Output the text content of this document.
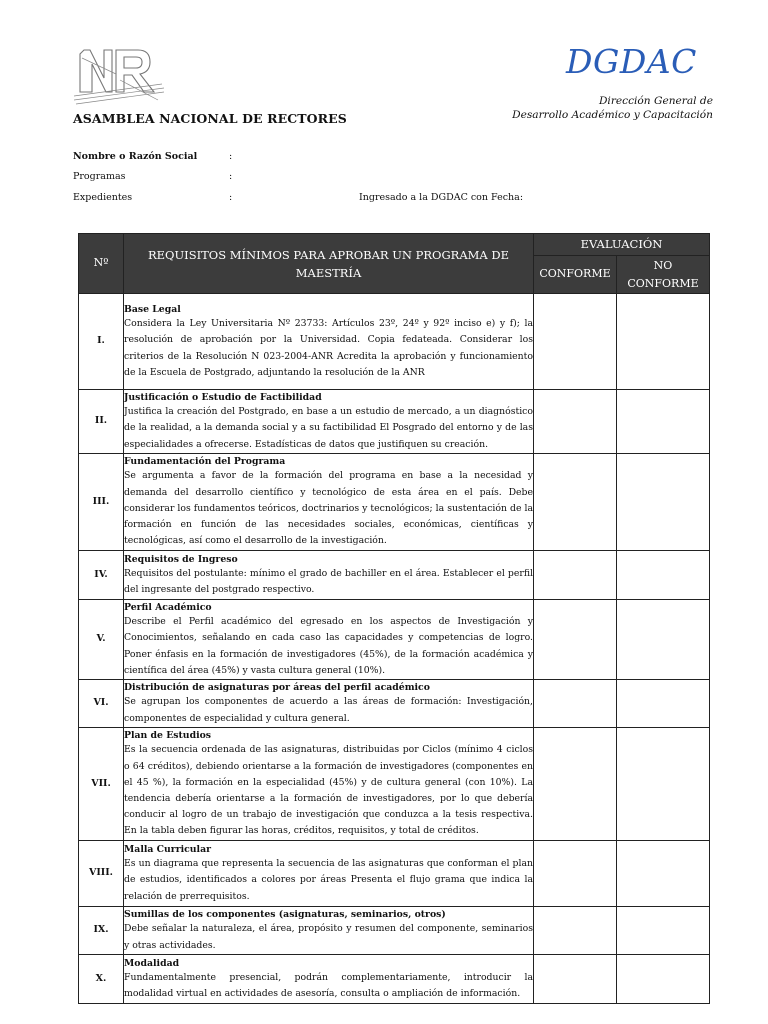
ASAMBLEA NACIONAL DE RECTORES
DGDAC
Dirección General de
Desarrollo Académico y Capacitación
Nombre o Razón Social	:
Programas	:
Expedientes	:	Ingresado a la DGDAC con Fecha:
Nº	REQUISITOS MÍNIMOS PARA APROBAR UN PROGRAMA DE MAESTRÍA	EVALUACIÓN	
		CONFORME	NO CONFORME
I.	Base Legal
Considera la Ley Universitaria Nº 23733: Artículos 23º, 24º y 92º inciso e) y f); la resolución de aprobación por la Universidad. Copia fedateada. Considerar los criterios de la Resolución N 023-2004-ANR Acredita la aprobación y funcionamiento de la Escuela de Postgrado, adjuntando la resolución de la ANR		

II.	Justificación o Estudio de Factibilidad
Justifica la creación del Postgrado, en base a un estudio de mercado, a un diagnóstico de la realidad, a la demanda social y a su factibilidad El Posgrado del entorno y de las especialidades a ofrecerse. Estadísticas de datos que justifiquen su creación.		

III.	Fundamentación del Programa
Se argumenta a favor de la formación del programa en base a la necesidad y demanda del desarrollo científico y tecnológico de esta área en el país. Debe considerar los fundamentos teóricos, doctrinarios y tecnológicos; la sustentación de la formación en función de las necesidades sociales, económicas, científicas y tecnológicas, así como el desarrollo de la investigación.		

IV.	Requisitos de Ingreso
Requisitos del postulante: mínimo el grado de bachiller en el área. Establecer el perfil del ingresante del postgrado respectivo.		

V.	Perfil Académico
Describe el Perfil académico del egresado en los aspectos de Investigación y Conocimientos, señalando en cada caso las capacidades y competencias de logro. Poner énfasis en la formación de investigadores (45%), de la formación académica y científica del área (45%) y vasta cultura general (10%).		

VI.	Distribución de asignaturas por áreas del perfil académico
Se agrupan los componentes de acuerdo a las áreas de formación: Investigación, componentes de especialidad y cultura general.		

VII.	Plan de Estudios
Es la secuencia ordenada de las asignaturas, distribuidas por Ciclos (mínimo 4 ciclos o 64 créditos), debiendo orientarse a la formación de investigadores (componentes en el 45 %), la formación en la especialidad (45%) y de cultura general (con 10%). La tendencia debería orientarse a la formación de investigadores, por lo que debería conducir al logro de un trabajo de investigación que conduzca a la tesis respectiva. En la tabla deben figurar las horas, créditos, requisitos, y total de créditos.		

VIII.	Malla Curricular
Es un diagrama que representa la secuencia de las asignaturas que conforman el plan de estudios, identificados a colores por áreas Presenta el flujo grama que indica la relación de prerrequisitos.		

IX.	Sumillas de los componentes (asignaturas, seminarios, otros)
Debe señalar la naturaleza, el área, propósito y resumen del componente, seminarios y otras actividades.		

X.	Modalidad
Fundamentalmente presencial, podrán complementariamente, introducir la modalidad virtual en actividades de asesoría, consulta o ampliación de información.		
